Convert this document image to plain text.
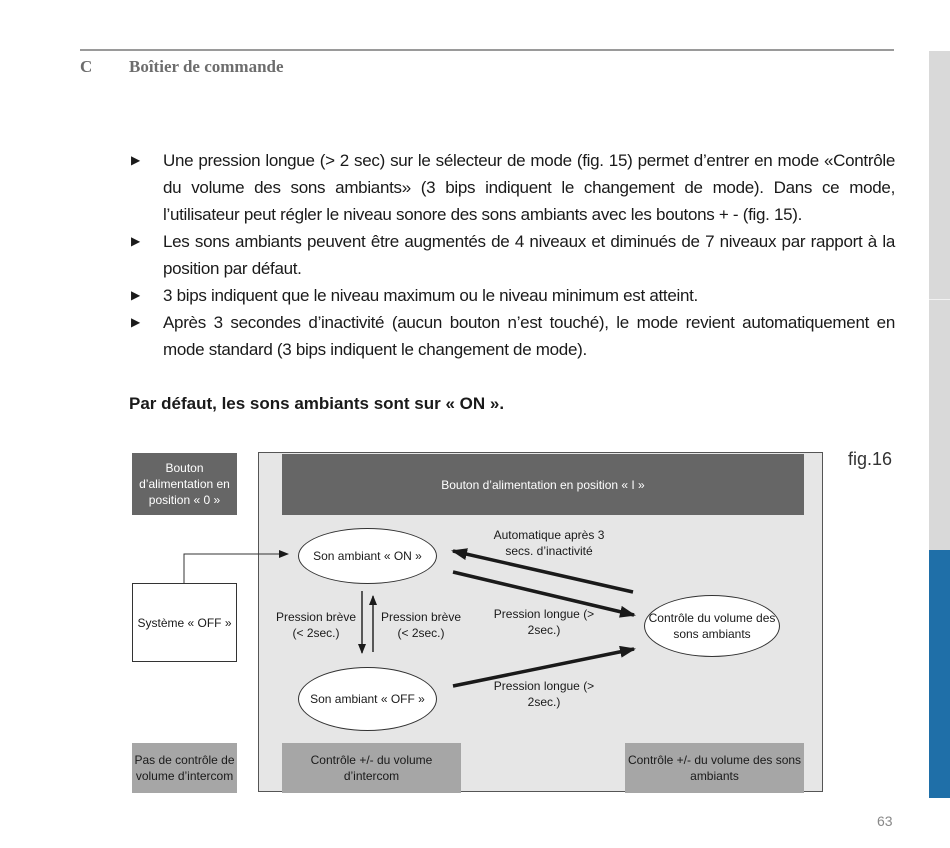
C Boîtier de commande
▶ Une pression longue (> 2 sec) sur le sélecteur de mode (fig. 15) permet d’entrer en mode «Contrôle du volume des sons ambiants» (3 bips indiquent le changement de mode). Dans ce mode, l’utilisateur peut régler le niveau sonore des sons ambiants avec les boutons + - (fig. 15).
▶ Les sons ambiants peuvent être augmentés de 4 niveaux et diminués de 7 niveaux par rapport à la position par défaut.
▶ 3 bips indiquent que le niveau maximum ou le niveau minimum est atteint.
▶ Après 3 secondes d’inactivité (aucun bouton n’est touché), le mode revient automatiquement en mode standard (3 bips indiquent le changement de mode).
Par défaut, les sons ambiants sont sur « ON ».
fig.16
Bouton d’alimentation en position « 0 »
Bouton d’alimentation en position « I »
Système « OFF »
Son ambiant « ON »
Son ambiant « OFF »
Contrôle du volume des sons ambiants
Automatique après 3 secs. d’inactivité
Pression brève (< 2sec.)
Pression brève (< 2sec.)
Pression longue (> 2sec.)
Pression longue (> 2sec.)
Pas de contrôle de volume d’intercom
Contrôle +/- du volume d’intercom
Contrôle +/- du volume des sons ambiants
63
